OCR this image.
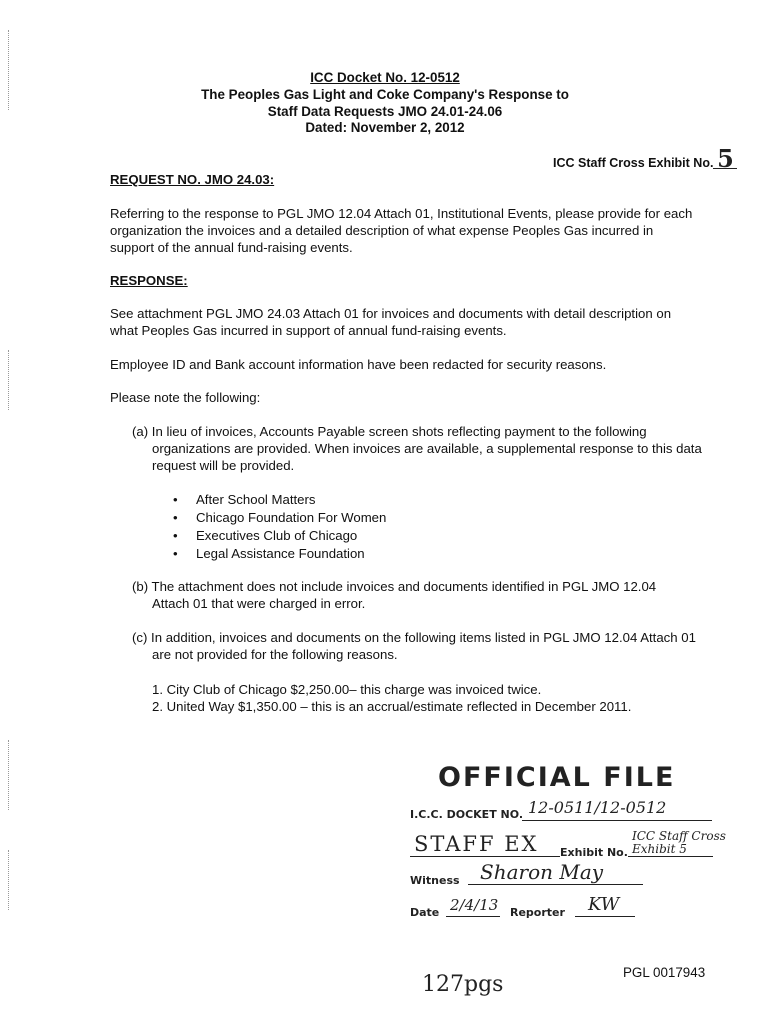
ICC Docket No. 12-0512
The Peoples Gas Light and Coke Company's Response to
Staff Data Requests JMO 24.01-24.06
Dated: November 2, 2012
ICC Staff Cross Exhibit No. 5
REQUEST NO. JMO 24.03:
Referring to the response to PGL JMO 12.04 Attach 01, Institutional Events, please provide for each organization the invoices and a detailed description of what expense Peoples Gas incurred in support of the annual fund-raising events.
RESPONSE:
See attachment PGL JMO 24.03 Attach 01 for invoices and documents with detail description on what Peoples Gas incurred in support of annual fund-raising events.
Employee ID and Bank account information have been redacted for security reasons.
Please note the following:
(a) In lieu of invoices, Accounts Payable screen shots reflecting payment to the following organizations are provided. When invoices are available, a supplemental response to this data request will be provided.
• After School Matters
• Chicago Foundation For Women
• Executives Club of Chicago
• Legal Assistance Foundation
(b) The attachment does not include invoices and documents identified in PGL JMO 12.04 Attach 01 that were charged in error.
(c) In addition, invoices and documents on the following items listed in PGL JMO 12.04 Attach 01 are not provided for the following reasons.
1. City Club of Chicago $2,250.00– this charge was invoiced twice.
2. United Way $1,350.00 – this is an accrual/estimate reflected in December 2011.
OFFICIAL FILE
I.C.C. DOCKET NO. 12-0511/12-0512
STAFF EX Exhibit No.
ICC Staff Cross Exhibit 5
Witness Sharon May
Date 2/4/13 Reporter KW
127pgs	PGL 0017943
